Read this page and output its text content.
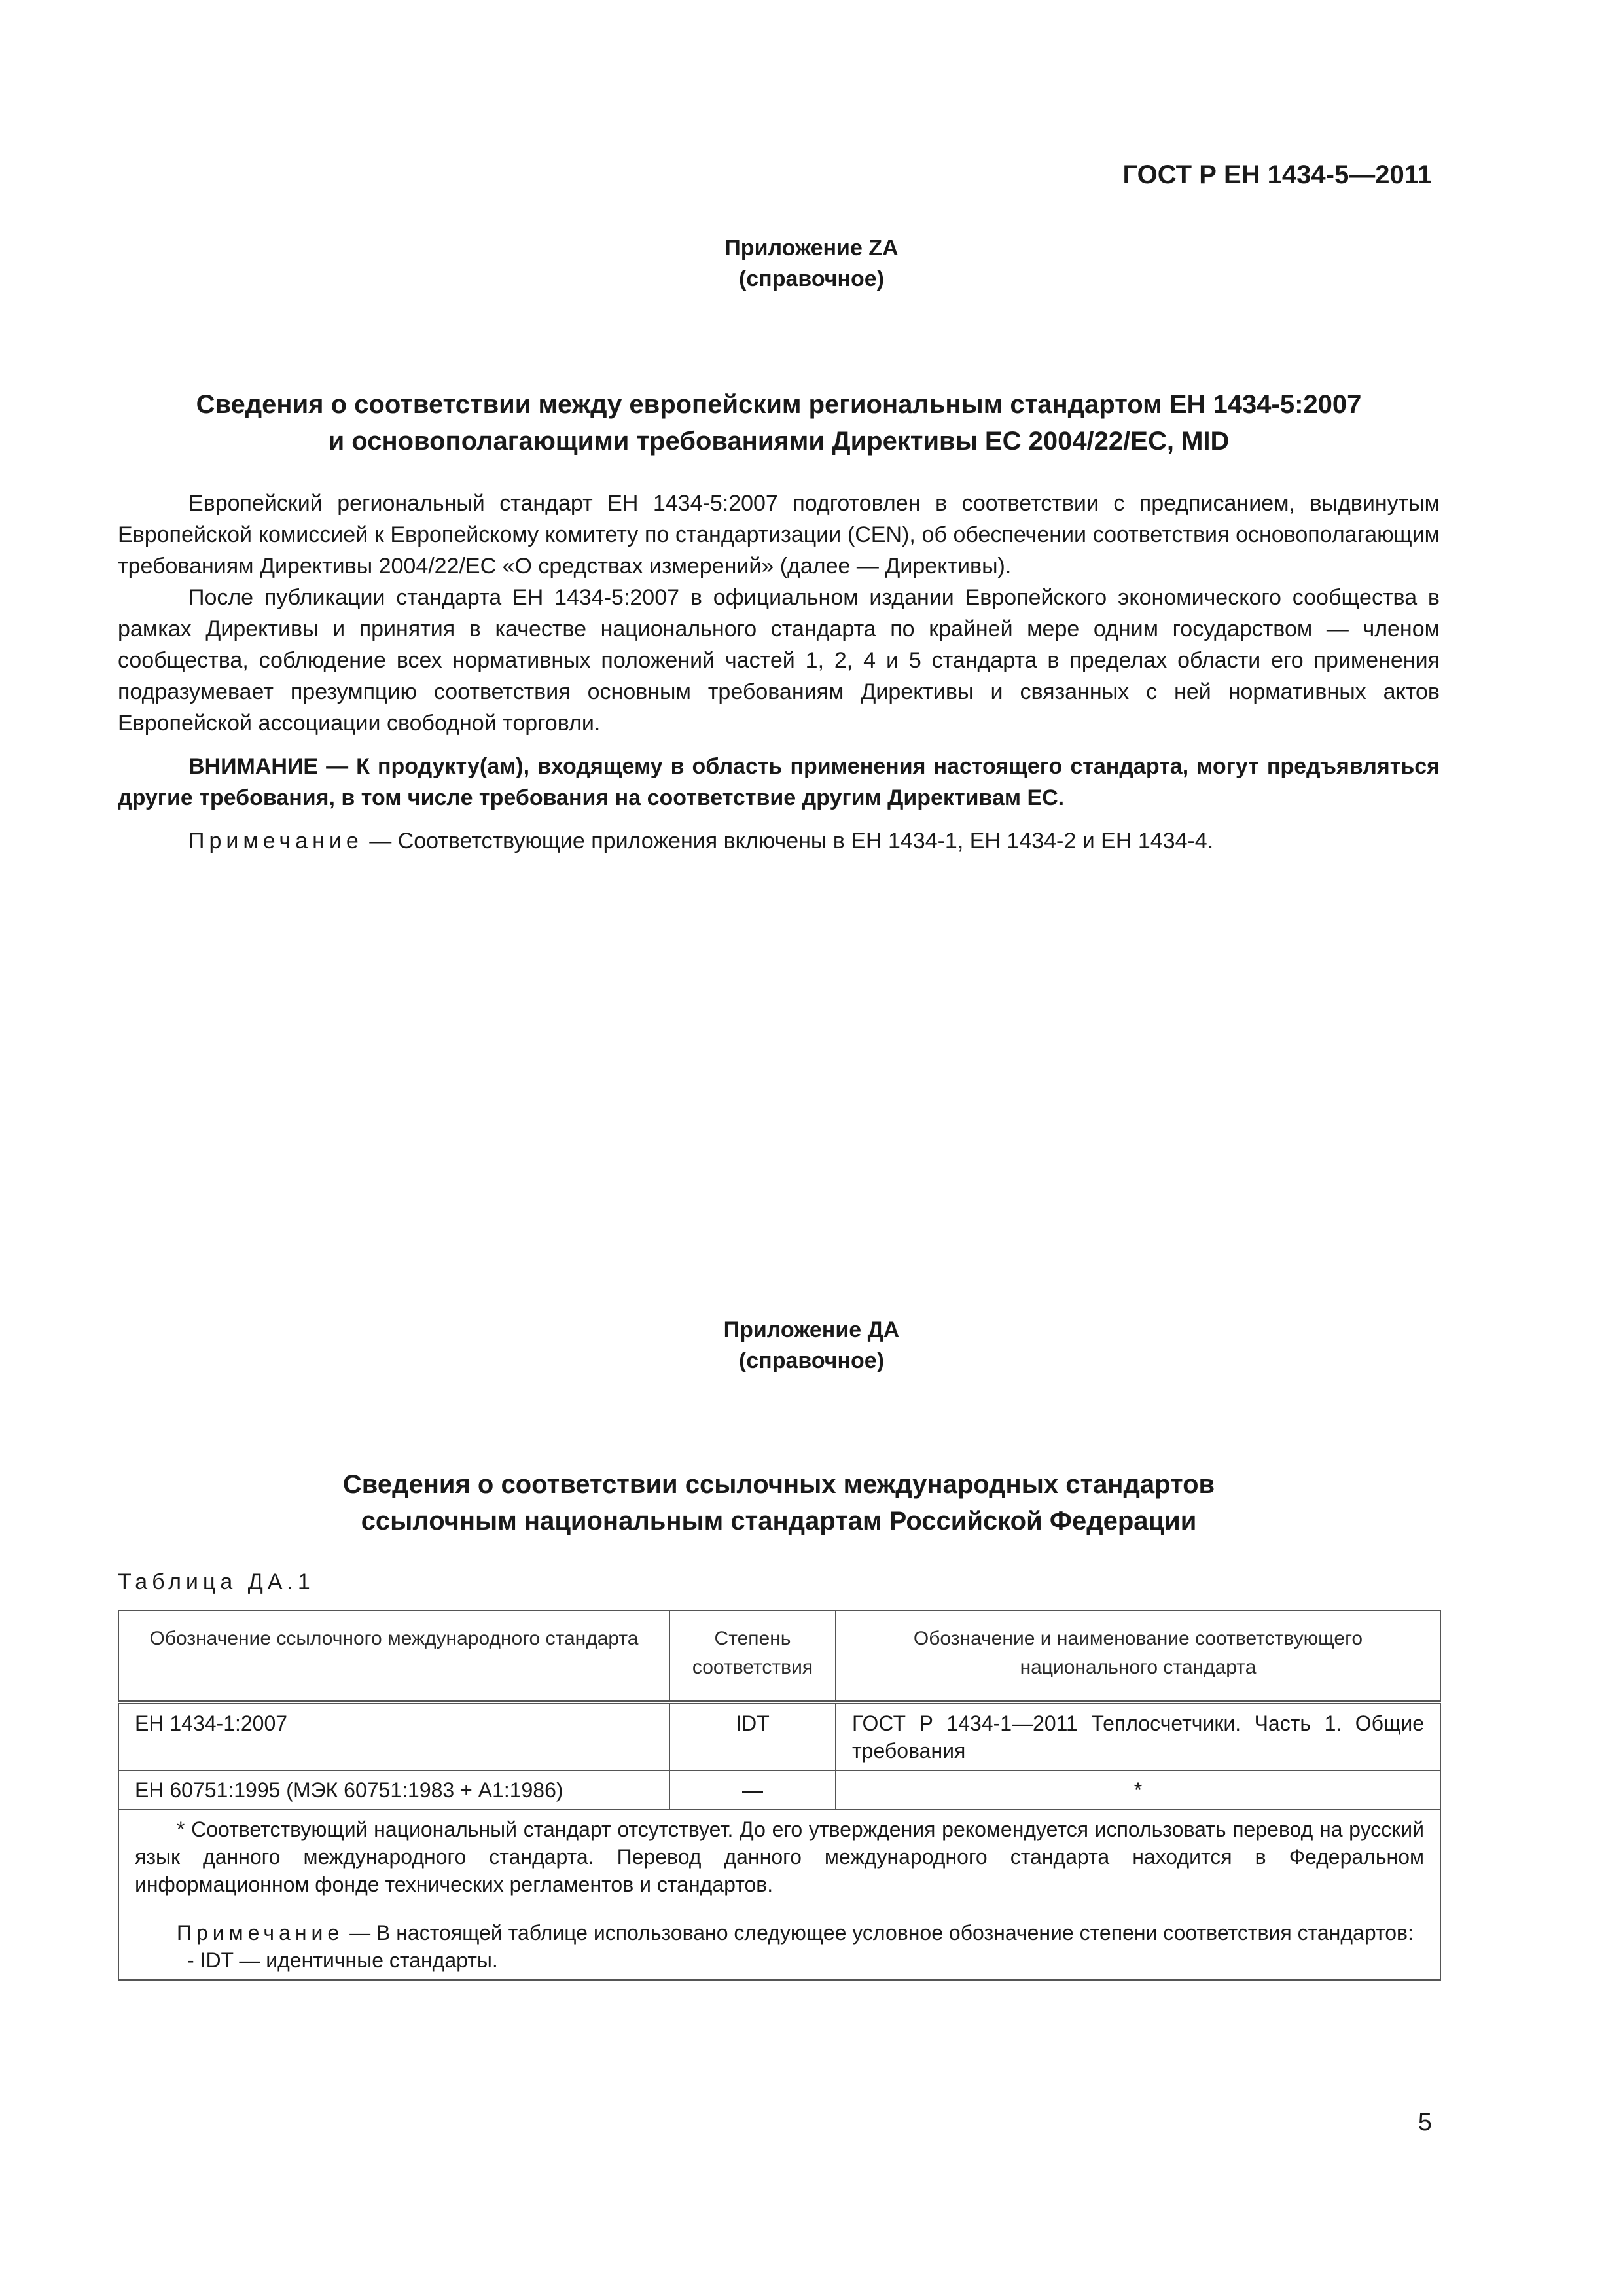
ГОСТ Р ЕН 1434-5—2011
Приложение ZA
(справочное)
Сведения о соответствии между европейским региональным стандартом ЕН 1434-5:2007
и основополагающими требованиями Директивы ЕС 2004/22/ЕС, MID

Европейский региональный стандарт ЕН 1434-5:2007 подготовлен в соответствии с предписанием, выдвинутым Европейской комиссией к Европейскому комитету по стандартизации (CEN), об обеспечении соответствия основополагающим требованиям Директивы 2004/22/ЕС «О средствах измерений» (далее — Директивы).

После публикации стандарта ЕН 1434-5:2007 в официальном издании Европейского экономического сообщества в рамках Директивы и принятия в качестве национального стандарта по крайней мере одним государством — членом сообщества, соблюдение всех нормативных положений частей 1, 2, 4 и 5 стандарта в пределах области его применения подразумевает презумпцию соответствия основным требованиям Директивы и связанных с ней нормативных актов Европейской ассоциации свободной торговли.

ВНИМАНИЕ — К продукту(ам), входящему в область применения настоящего стандарта, могут предъявляться другие требования, в том числе требования на соответствие другим Директивам ЕС.

Примечание — Соответствующие приложения включены в ЕН 1434-1, ЕН 1434-2 и ЕН 1434-4.

Приложение ДА
(справочное)
Сведения о соответствии ссылочных международных стандартов
ссылочным национальным стандартам Российской Федерации
Таблица ДА.1
Обозначение ссылочного международного стандарта	Степень соответствия	Обозначение и наименование соответствующего национального стандарта
ЕН 1434-1:2007	IDT	ГОСТ Р 1434-1—2011 Теплосчетчики. Часть 1. Общие требования
ЕН 60751:1995 (МЭК 60751:1983 + А1:1986)	—	*

* Соответствующий национальный стандарт отсутствует. До его утверждения рекомендуется использовать перевод на русский язык данного международного стандарта. Перевод данного международного стандарта находится в Федеральном информационном фонде технических регламентов и стандартов.

Примечание — В настоящей таблице использовано следующее условное обозначение степени соответствия стандартов:

- IDT — идентичные стандарты.		

5
